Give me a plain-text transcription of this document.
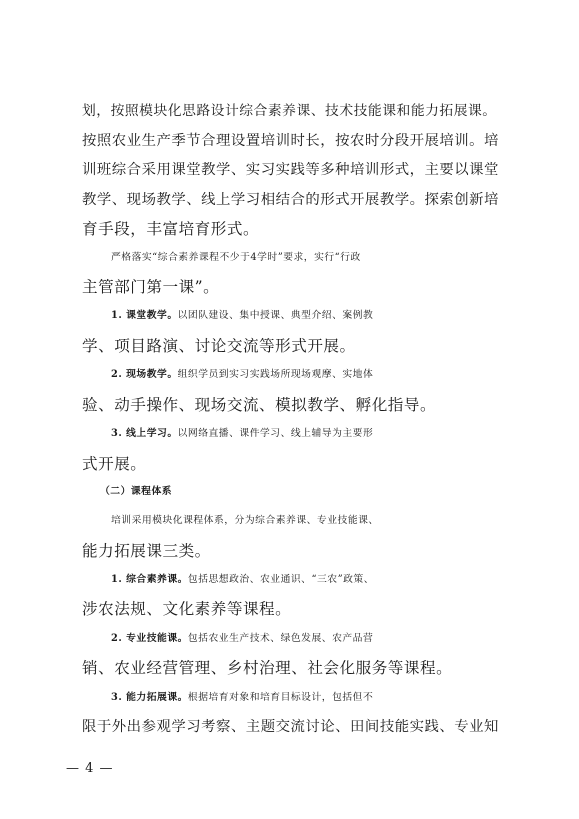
划，按照模块化思路设计综合素养课、技术技能课和能力拓展课。
按照农业生产季节合理设置培训时长，按农时分段开展培训。培
训班综合采用课堂教学、实习实践等多种培训形式，主要以课堂
教学、现场教学、线上学习相结合的形式开展教学。探索创新培
育手段，丰富培育形式。
严格落实“综合素养课程不少于4学时”要求，实行“行政
主管部门第一课”。
1. 课堂教学。以团队建设、集中授课、典型介绍、案例教
学、项目路演、讨论交流等形式开展。
2. 现场教学。组织学员到实习实践场所现场观摩、实地体
验、动手操作、现场交流、模拟教学、孵化指导。
3. 线上学习。以网络直播、课件学习、线上辅导为主要形
式开展。
（二）课程体系
培训采用模块化课程体系，分为综合素养课、专业技能课、
能力拓展课三类。
1. 综合素养课。包括思想政治、农业通识、“三农”政策、
涉农法规、文化素养等课程。
2. 专业技能课。包括农业生产技术、绿色发展、农产品营
销、农业经营管理、乡村治理、社会化服务等课程。
3. 能力拓展课。根据培育对象和培育目标设计，包括但不
限于外出参观学习考察、主题交流讨论、田间技能实践、专业知
— 4 —
